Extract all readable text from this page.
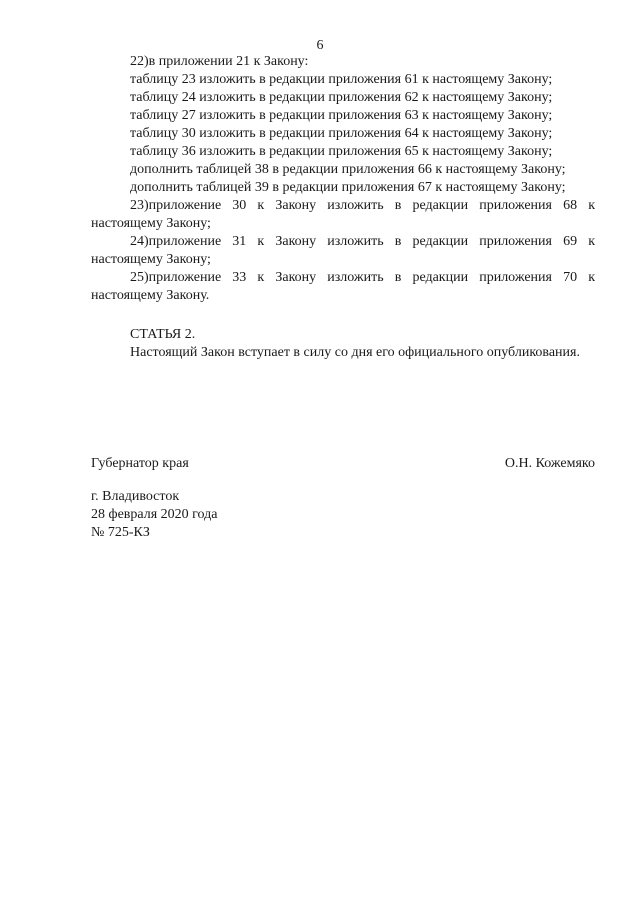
6

22)в приложении 21 к Закону:

таблицу 23 изложить в редакции приложения 61 к настоящему Закону;

таблицу 24 изложить в редакции приложения 62 к настоящему Закону;

таблицу 27 изложить в редакции приложения 63 к настоящему Закону;

таблицу 30 изложить в редакции приложения 64 к настоящему Закону;

таблицу 36 изложить в редакции приложения 65 к настоящему Закону;

дополнить таблицей 38 в редакции приложения 66 к настоящему Закону;

дополнить таблицей 39 в редакции приложения 67 к настоящему Закону;

23)приложение 30 к Закону изложить в редакции приложения 68 к настоящему Закону;

24)приложение 31 к Закону изложить в редакции приложения 69 к настоящему Закону;

25)приложение 33 к Закону изложить в редакции приложения 70 к настоящему Закону.

СТАТЬЯ 2.

Настоящий Закон вступает в силу со дня его официального опубликования.

Губернатор края	О.Н. Кожемяко
г. Владивосток
28 февраля 2020 года
№ 725-КЗ
